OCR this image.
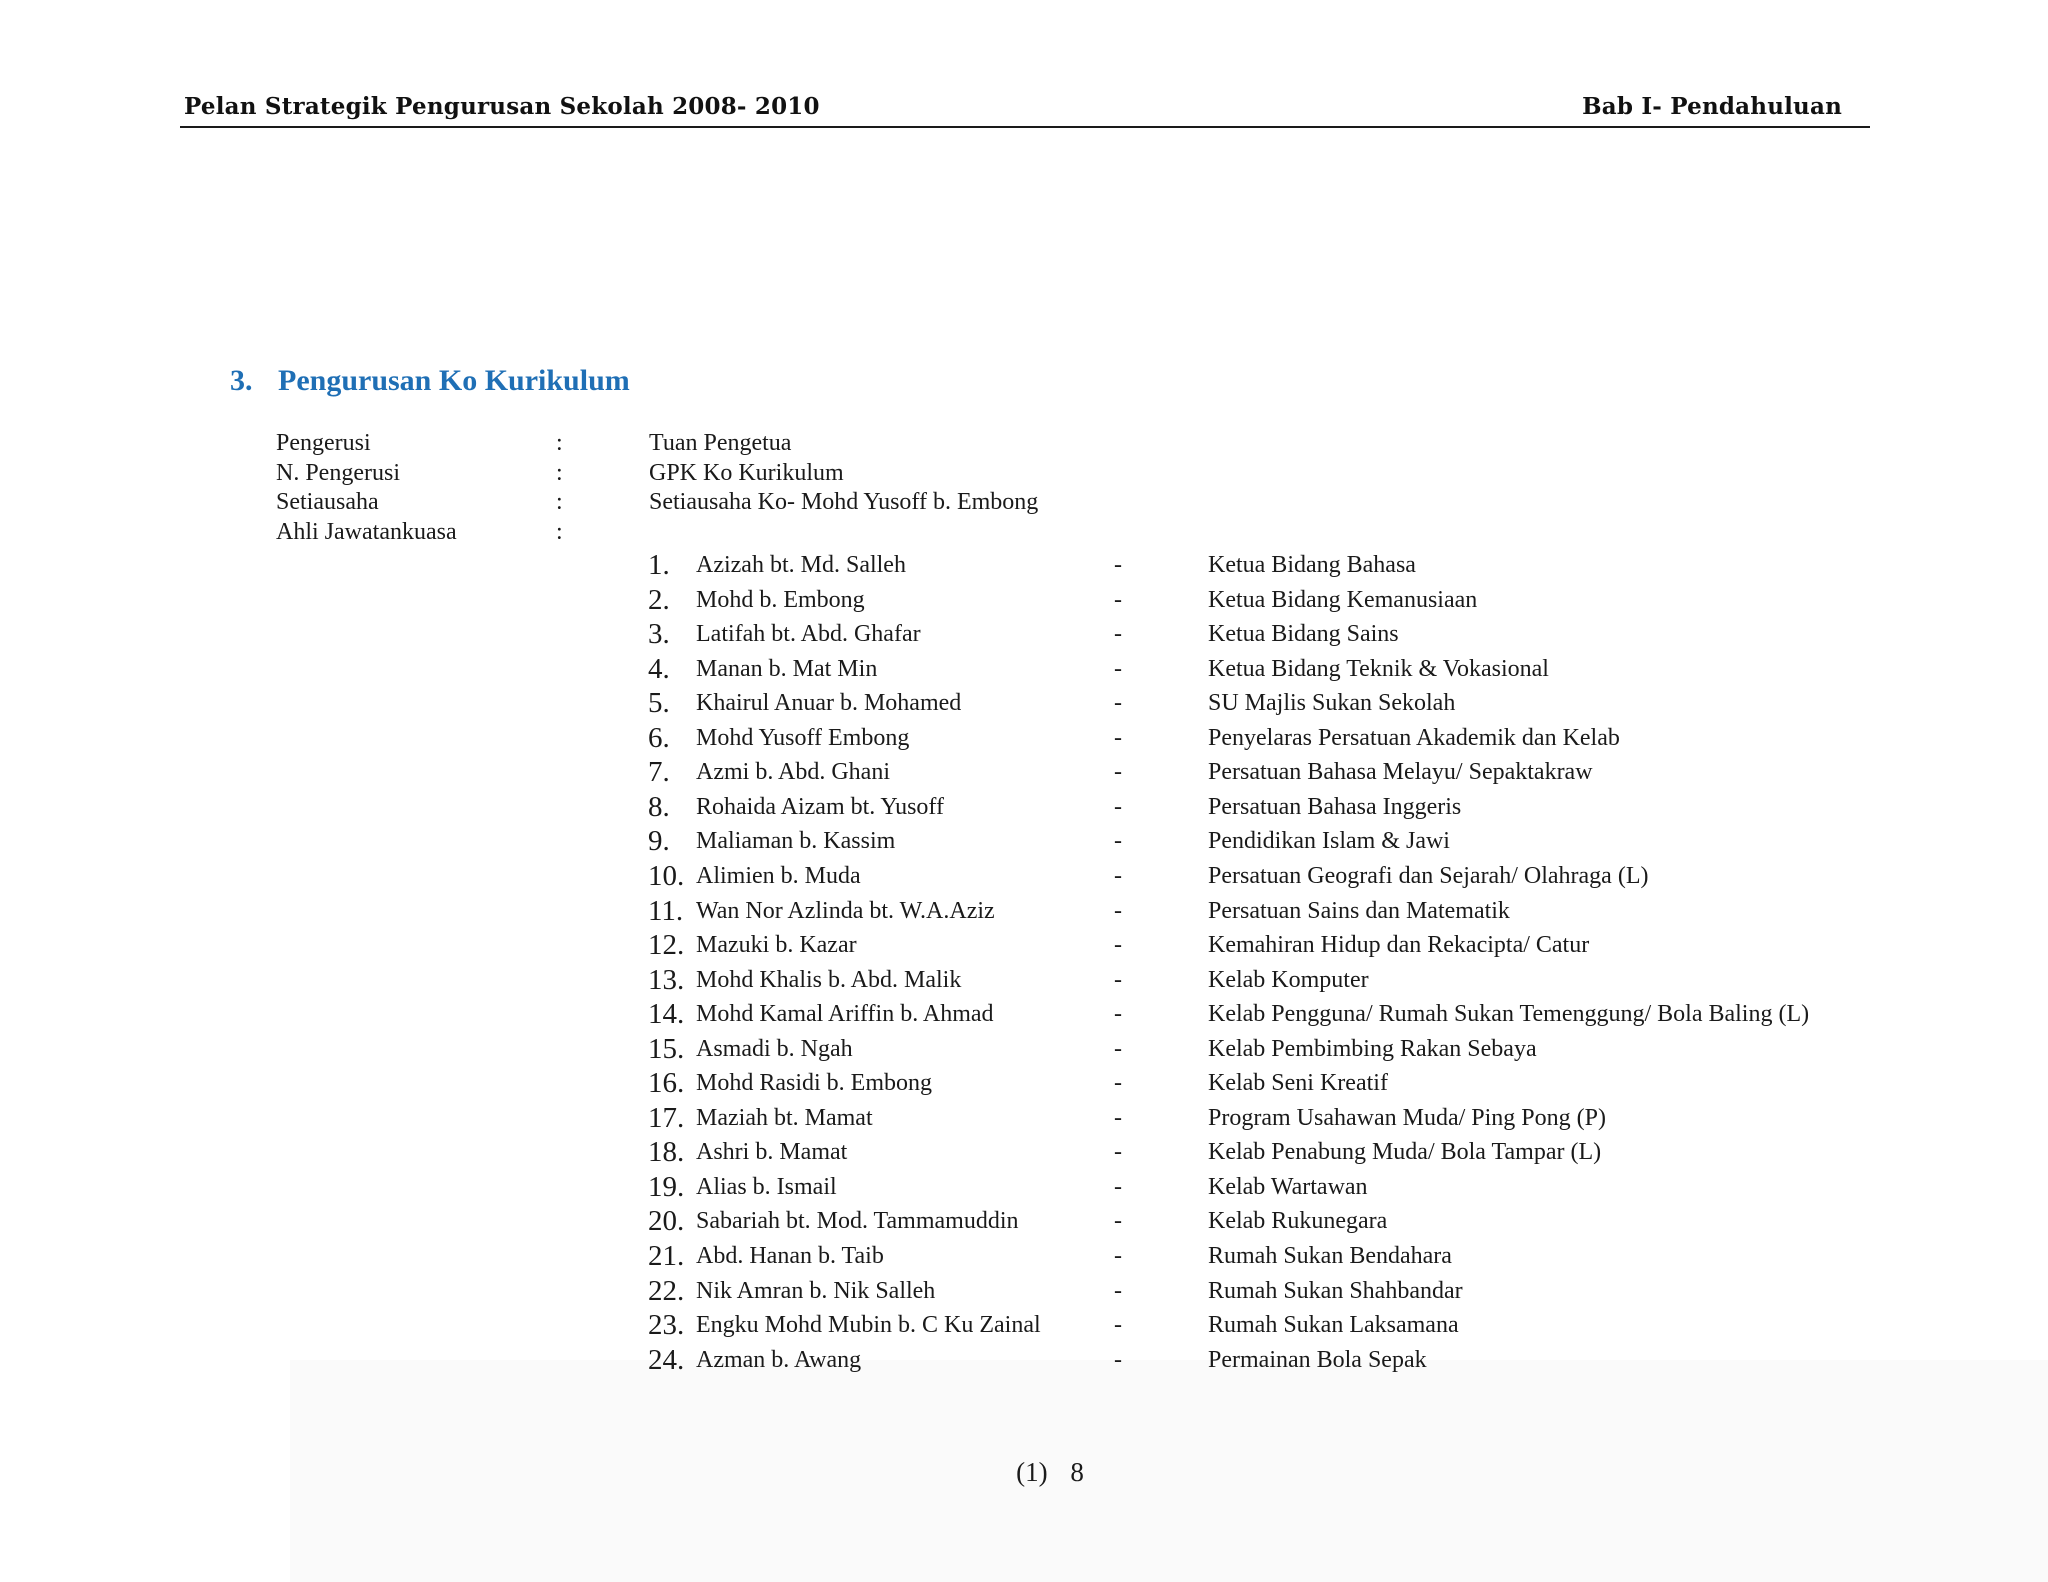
Pelan Strategik Pengurusan Sekolah 2008- 2010	Bab I- Pendahuluan
3. Pengurusan Ko Kurikulum
Pengerusi	:	Tuan Pengetua
N. Pengerusi	:	GPK Ko Kurikulum
Setiausaha	:	Setiausaha Ko- Mohd Yusoff b. Embong
Ahli Jawatankuasa	:
1. Azizah bt. Md. Salleh	-	Ketua Bidang Bahasa
2. Mohd b. Embong	-	Ketua Bidang Kemanusiaan
3. Latifah bt. Abd. Ghafar	-	Ketua Bidang Sains
4. Manan b. Mat Min	-	Ketua Bidang Teknik & Vokasional
5. Khairul Anuar b. Mohamed	-	SU Majlis Sukan Sekolah
6. Mohd Yusoff Embong	-	Penyelaras Persatuan Akademik dan Kelab
7. Azmi b. Abd. Ghani	-	Persatuan Bahasa Melayu/ Sepaktakraw
8. Rohaida Aizam bt. Yusoff	-	Persatuan Bahasa Inggeris
9. Maliaman b. Kassim	-	Pendidikan Islam & Jawi
10. Alimien b. Muda	-	Persatuan Geografi dan Sejarah/ Olahraga (L)
11. Wan Nor Azlinda bt. W.A.Aziz	-	Persatuan Sains dan Matematik
12. Mazuki b. Kazar	-	Kemahiran Hidup dan Rekacipta/ Catur
13. Mohd Khalis b. Abd. Malik	-	Kelab Komputer
14. Mohd Kamal Ariffin b. Ahmad	-	Kelab Pengguna/ Rumah Sukan Temenggung/ Bola Baling (L)
15. Asmadi b. Ngah	-	Kelab Pembimbing Rakan Sebaya
16. Mohd Rasidi b. Embong	-	Kelab Seni Kreatif
17. Maziah bt. Mamat	-	Program Usahawan Muda/ Ping Pong (P)
18. Ashri b. Mamat	-	Kelab Penabung Muda/ Bola Tampar (L)
19. Alias b. Ismail	-	Kelab Wartawan
20. Sabariah bt. Mod. Tammamuddin	-	Kelab Rukunegara
21. Abd. Hanan b. Taib	-	Rumah Sukan Bendahara
22. Nik Amran b. Nik Salleh	-	Rumah Sukan Shahbandar
23. Engku Mohd Mubin b. C Ku Zainal	-	Rumah Sukan Laksamana
24. Azman b. Awang	-	Permainan Bola Sepak
(1) 8
